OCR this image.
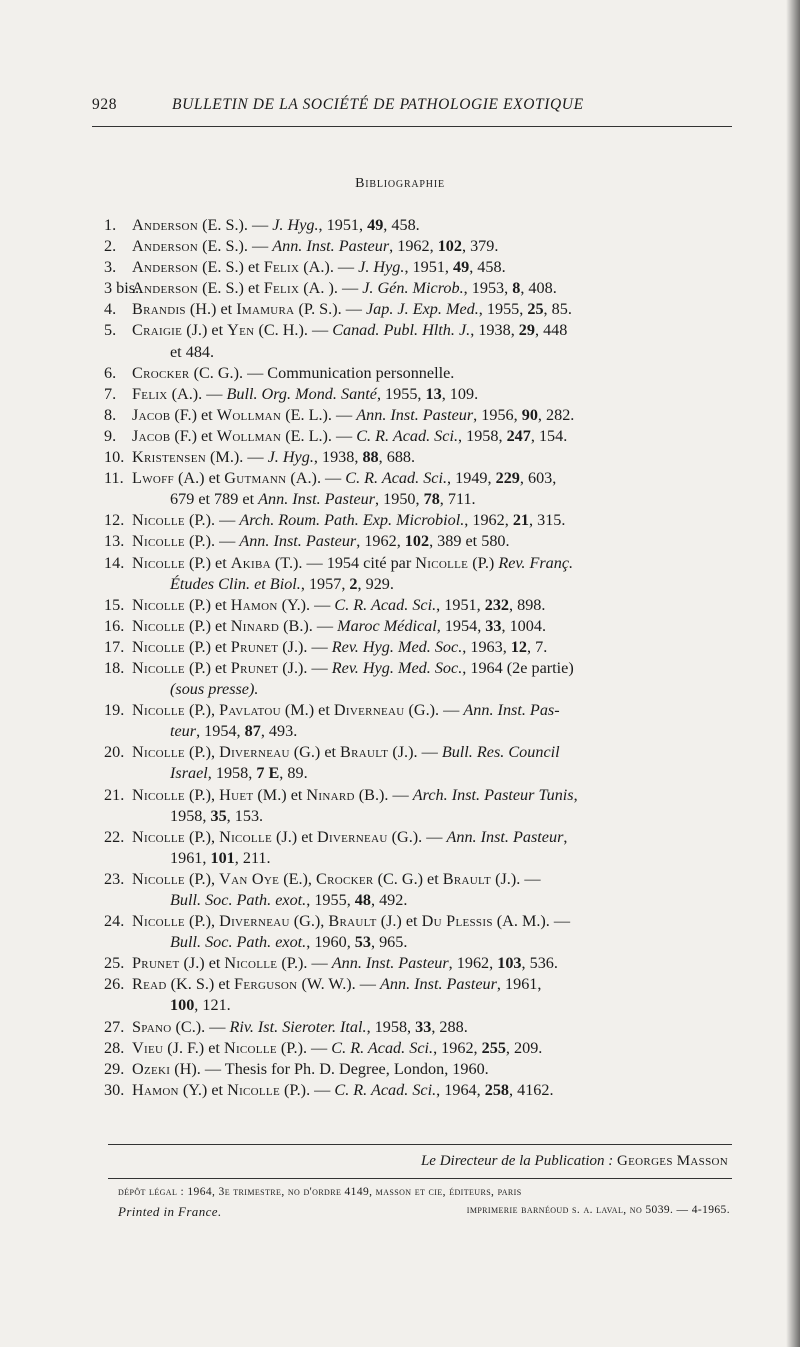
928	BULLETIN DE LA SOCIÉTÉ DE PATHOLOGIE EXOTIQUE
Bibliographie
1. Anderson (E. S.). — J. Hyg., 1951, 49, 458.
2. Anderson (E. S.). — Ann. Inst. Pasteur, 1962, 102, 379.
3. Anderson (E. S.) et Felix (A.). — J. Hyg., 1951, 49, 458.
3 bis.
Anderson (E. S.) et Felix (A. ). — J. Gén. Microb., 1953, 8, 408.
4. Brandis (H.) et Imamura (P. S.). — Jap. J. Exp. Med., 1955, 25, 85.
5. Craigie (J.) et Yen (C. H.). — Canad. Publ. Hlth. J., 1938, 29, 448
et 484.
6. Crocker (C. G.). — Communication personnelle.
7. Felix (A.). — Bull. Org. Mond. Santé, 1955, 13, 109.
8. Jacob (F.) et Wollman (E. L.). — Ann. Inst. Pasteur, 1956, 90, 282.
9. Jacob (F.) et Wollman (E. L.). — C. R. Acad. Sci., 1958, 247, 154.
10. Kristensen (M.). — J. Hyg., 1938, 88, 688.
11. Lwoff (A.) et Gutmann (A.). — C. R. Acad. Sci., 1949, 229, 603,
679 et 789 et Ann. Inst. Pasteur, 1950, 78, 711.
12. Nicolle (P.). — Arch. Roum. Path. Exp. Microbiol., 1962, 21, 315.
13. Nicolle (P.). — Ann. Inst. Pasteur, 1962, 102, 389 et 580.
14. Nicolle (P.) et Akiba (T.). — 1954 cité par Nicolle (P.) Rev. Franç.
Études Clin. et Biol., 1957, 2, 929.
15. Nicolle (P.) et Hamon (Y.). — C. R. Acad. Sci., 1951, 232, 898.
16. Nicolle (P.) et Ninard (B.). — Maroc Médical, 1954, 33, 1004.
17. Nicolle (P.) et Prunet (J.). — Rev. Hyg. Med. Soc., 1963, 12, 7.
18. Nicolle (P.) et Prunet (J.). — Rev. Hyg. Med. Soc., 1964 (2e partie)
(sous presse).
19. Nicolle (P.), Pavlatou (M.) et Diverneau (G.). — Ann. Inst. Pas-
teur, 1954, 87, 493.
20. Nicolle (P.), Diverneau (G.) et Brault (J.). — Bull. Res. Council
Israel, 1958, 7 E, 89.
21. Nicolle (P.), Huet (M.) et Ninard (B.). — Arch. Inst. Pasteur Tunis,
1958, 35, 153.
22. Nicolle (P.), Nicolle (J.) et Diverneau (G.). — Ann. Inst. Pasteur,
1961, 101, 211.
23. Nicolle (P.), Van Oye (E.), Crocker (C. G.) et Brault (J.). —
Bull. Soc. Path. exot., 1955, 48, 492.
24. Nicolle (P.), Diverneau (G.), Brault (J.) et Du Plessis (A. M.). —
Bull. Soc. Path. exot., 1960, 53, 965.
25. Prunet (J.) et Nicolle (P.). — Ann. Inst. Pasteur, 1962, 103, 536.
26. Read (K. S.) et Ferguson (W. W.). — Ann. Inst. Pasteur, 1961,
100, 121.
27. Spano (C.). — Riv. Ist. Sieroter. Ital., 1958, 33, 288.
28. Vieu (J. F.) et Nicolle (P.). — C. R. Acad. Sci., 1962, 255, 209.
29. Ozeki (H). — Thesis for Ph. D. Degree, London, 1960.
30. Hamon (Y.) et Nicolle (P.). — C. R. Acad. Sci., 1964, 258, 4162.
Le Directeur de la Publication : Georges Masson
dépôt légal : 1964, 3e trimestre, no d'ordre 4149, masson et cie, éditeurs, paris
Printed in France.	imprimerie barnéoud s. a. laval, no 5039. — 4-1965.
